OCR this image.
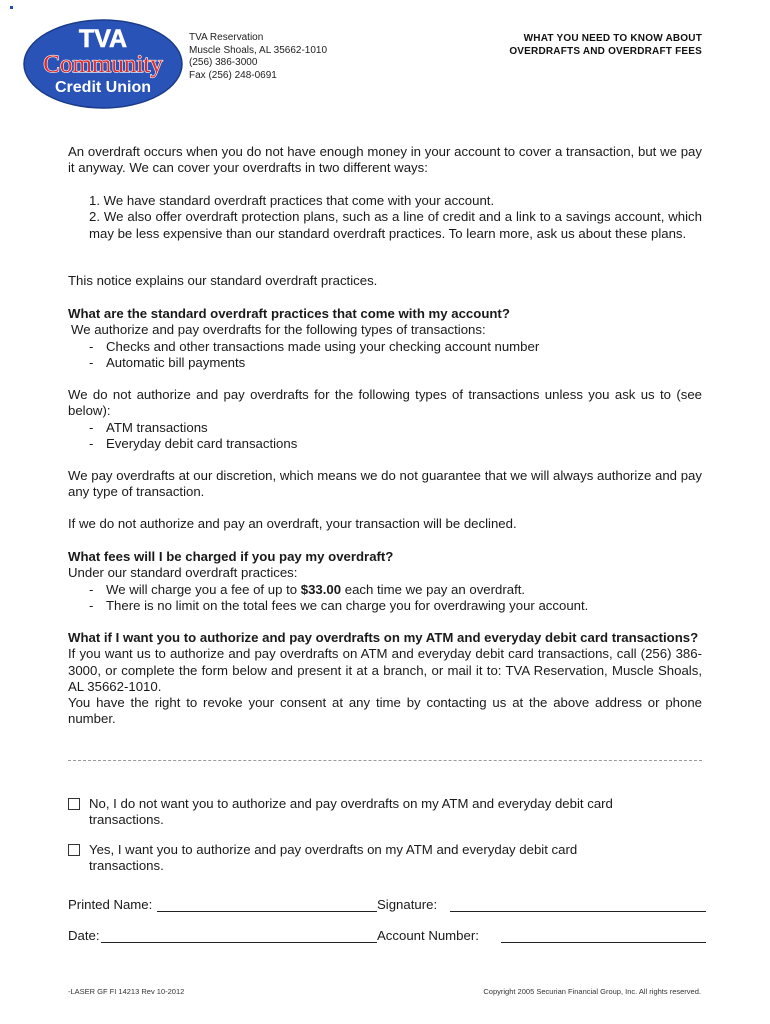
TVA
Community
Credit Union
TVA Reservation
Muscle Shoals, AL 35662-1010
(256) 386-3000
Fax (256) 248-0691
WHAT YOU NEED TO KNOW ABOUT
OVERDRAFTS AND OVERDRAFT FEES
An overdraft occurs when you do not have enough money in your account to cover a transaction, but we pay it anyway. We can cover your overdrafts in two different ways:
1. We have standard overdraft practices that come with your account.
2. We also offer overdraft protection plans, such as a line of credit and a link to a savings account, which may be less expensive than our standard overdraft practices. To learn more, ask us about these plans.
This notice explains our standard overdraft practices.
What are the standard overdraft practices that come with my account?
We authorize and pay overdrafts for the following types of transactions:
- Checks and other transactions made using your checking account number
- Automatic bill payments
We do not authorize and pay overdrafts for the following types of transactions unless you ask us to (see below):
- ATM transactions
- Everyday debit card transactions
We pay overdrafts at our discretion, which means we do not guarantee that we will always authorize and pay any type of transaction.
If we do not authorize and pay an overdraft, your transaction will be declined.
What fees will I be charged if you pay my overdraft?
Under our standard overdraft practices:
- We will charge you a fee of up to $33.00 each time we pay an overdraft.
- There is no limit on the total fees we can charge you for overdrawing your account.
What if I want you to authorize and pay overdrafts on my ATM and everyday debit card transactions?
If you want us to authorize and pay overdrafts on ATM and everyday debit card transactions, call (256) 386-3000, or complete the form below and present it at a branch, or mail it to: TVA Reservation, Muscle Shoals, AL 35662-1010.
You have the right to revoke your consent at any time by contacting us at the above address or phone number.
No, I do not want you to authorize and pay overdrafts on my ATM and everyday debit card transactions.
Yes, I want you to authorize and pay overdrafts on my ATM and everyday debit card transactions.
Printed Name:	Signature:
Date:	Account Number:
-LASER GF FI 14213 Rev 10-2012	Copyright 2005 Securian Financial Group, Inc. All rights reserved.
